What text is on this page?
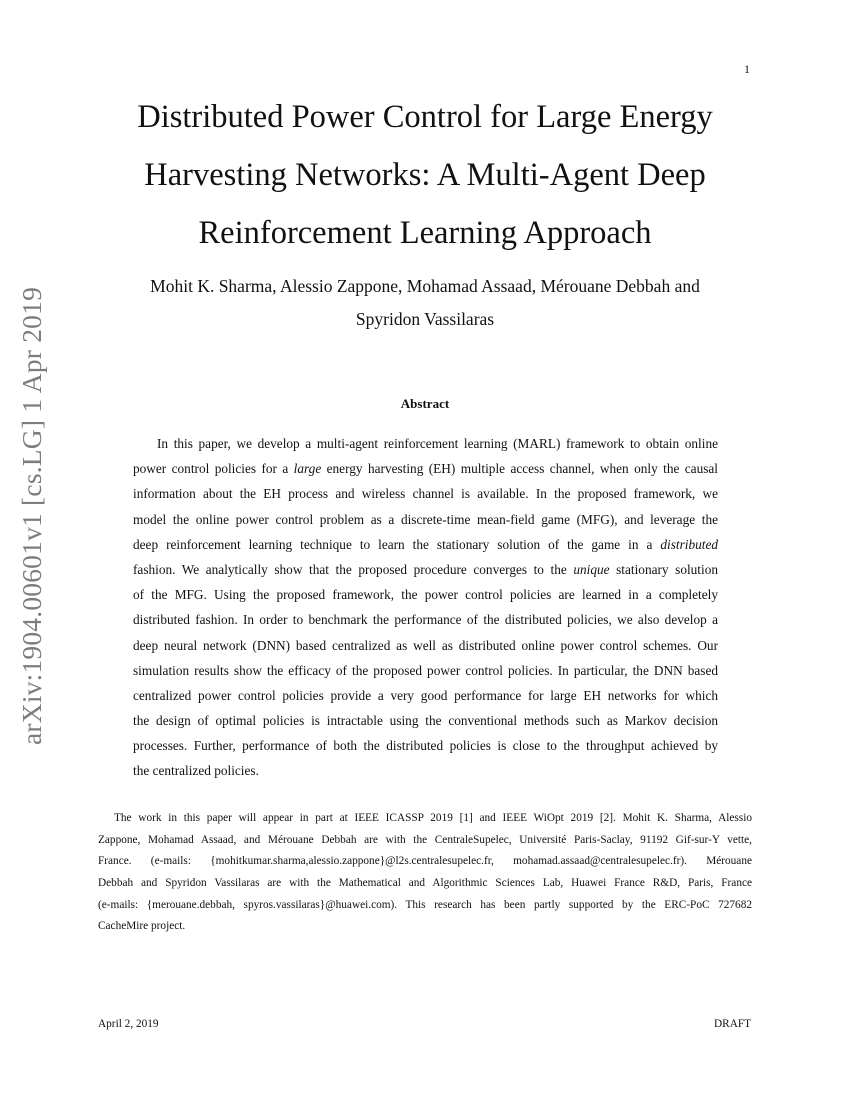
1
Distributed Power Control for Large Energy
Harvesting Networks: A Multi-Agent Deep
Reinforcement Learning Approach
Mohit K. Sharma, Alessio Zappone, Mohamad Assaad, Mérouane Debbah and
Spyridon Vassilaras
arXiv:1904.00601v1 [cs.LG] 1 Apr 2019	Abstract
In this paper, we develop a multi-agent reinforcement learning (MARL) framework to obtain online
power control policies for a large energy harvesting (EH) multiple access channel, when only the causal
information about the EH process and wireless channel is available. In the proposed framework, we
model the online power control problem as a discrete-time mean-field game (MFG), and leverage the
deep reinforcement learning technique to learn the stationary solution of the game in a distributed
fashion. We analytically show that the proposed procedure converges to the unique stationary solution
of the MFG. Using the proposed framework, the power control policies are learned in a completely
distributed fashion. In order to benchmark the performance of the distributed policies, we also develop a
deep neural network (DNN) based centralized as well as distributed online power control schemes. Our
simulation results show the efficacy of the proposed power control policies. In particular, the DNN based
centralized power control policies provide a very good performance for large EH networks for which
the design of optimal policies is intractable using the conventional methods such as Markov decision
processes. Further, performance of both the distributed policies is close to the throughput achieved by
the centralized policies.
The work in this paper will appear in part at IEEE ICASSP 2019 [1] and IEEE WiOpt 2019 [2]. Mohit K. Sharma, Alessio
Zappone, Mohamad Assaad, and Mérouane Debbah are with the CentraleSupelec, Université Paris-Saclay, 91192 Gif-sur-Y vette,
France. (e-mails: {mohitkumar.sharma,alessio.zappone}@l2s.centralesupelec.fr, mohamad.assaad@centralesupelec.fr). Mérouane
Debbah and Spyridon Vassilaras are with the Mathematical and Algorithmic Sciences Lab, Huawei France R&D, Paris, France
(e-mails: {merouane.debbah, spyros.vassilaras}@huawei.com). This research has been partly supported by the ERC-PoC 727682
CacheMire project.
April 2, 2019	DRAFT
